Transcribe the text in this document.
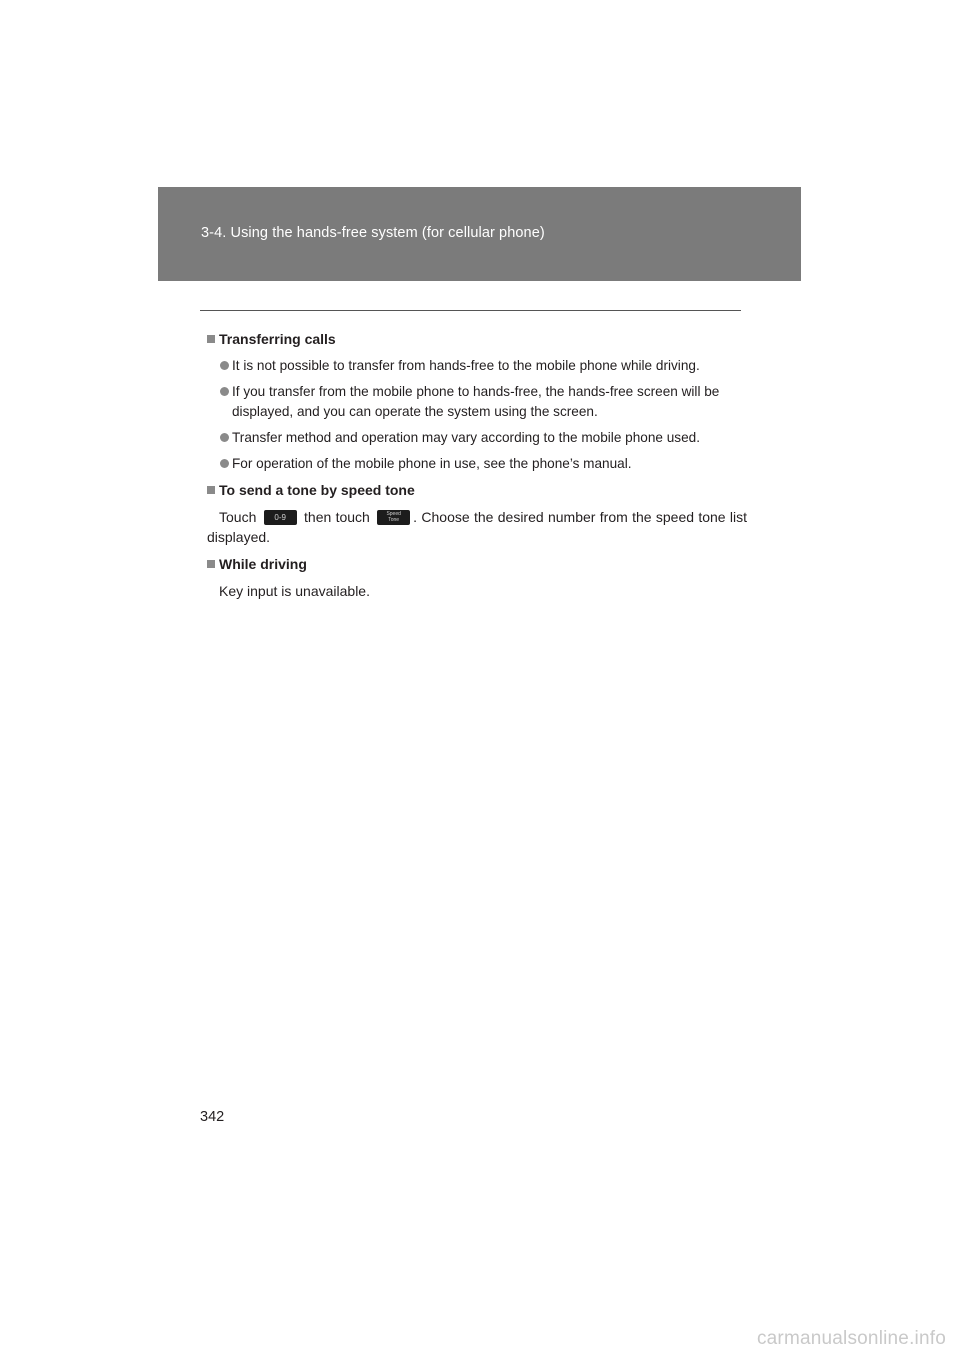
3-4. Using the hands-free system (for cellular phone)
Transferring calls
It is not possible to transfer from hands-free to the mobile phone while driving.
If you transfer from the mobile phone to hands-free, the hands-free screen will be displayed, and you can operate the system using the screen.
Transfer method and operation may vary according to the mobile phone used.
For operation of the mobile phone in use, see the phone’s manual.
To send a tone by speed tone
Touch 0-9 then touch	Speed
Tone . Choose the desired number from the speed tone list displayed.
While driving
Key input is unavailable.
342
carmanualsonline.info
